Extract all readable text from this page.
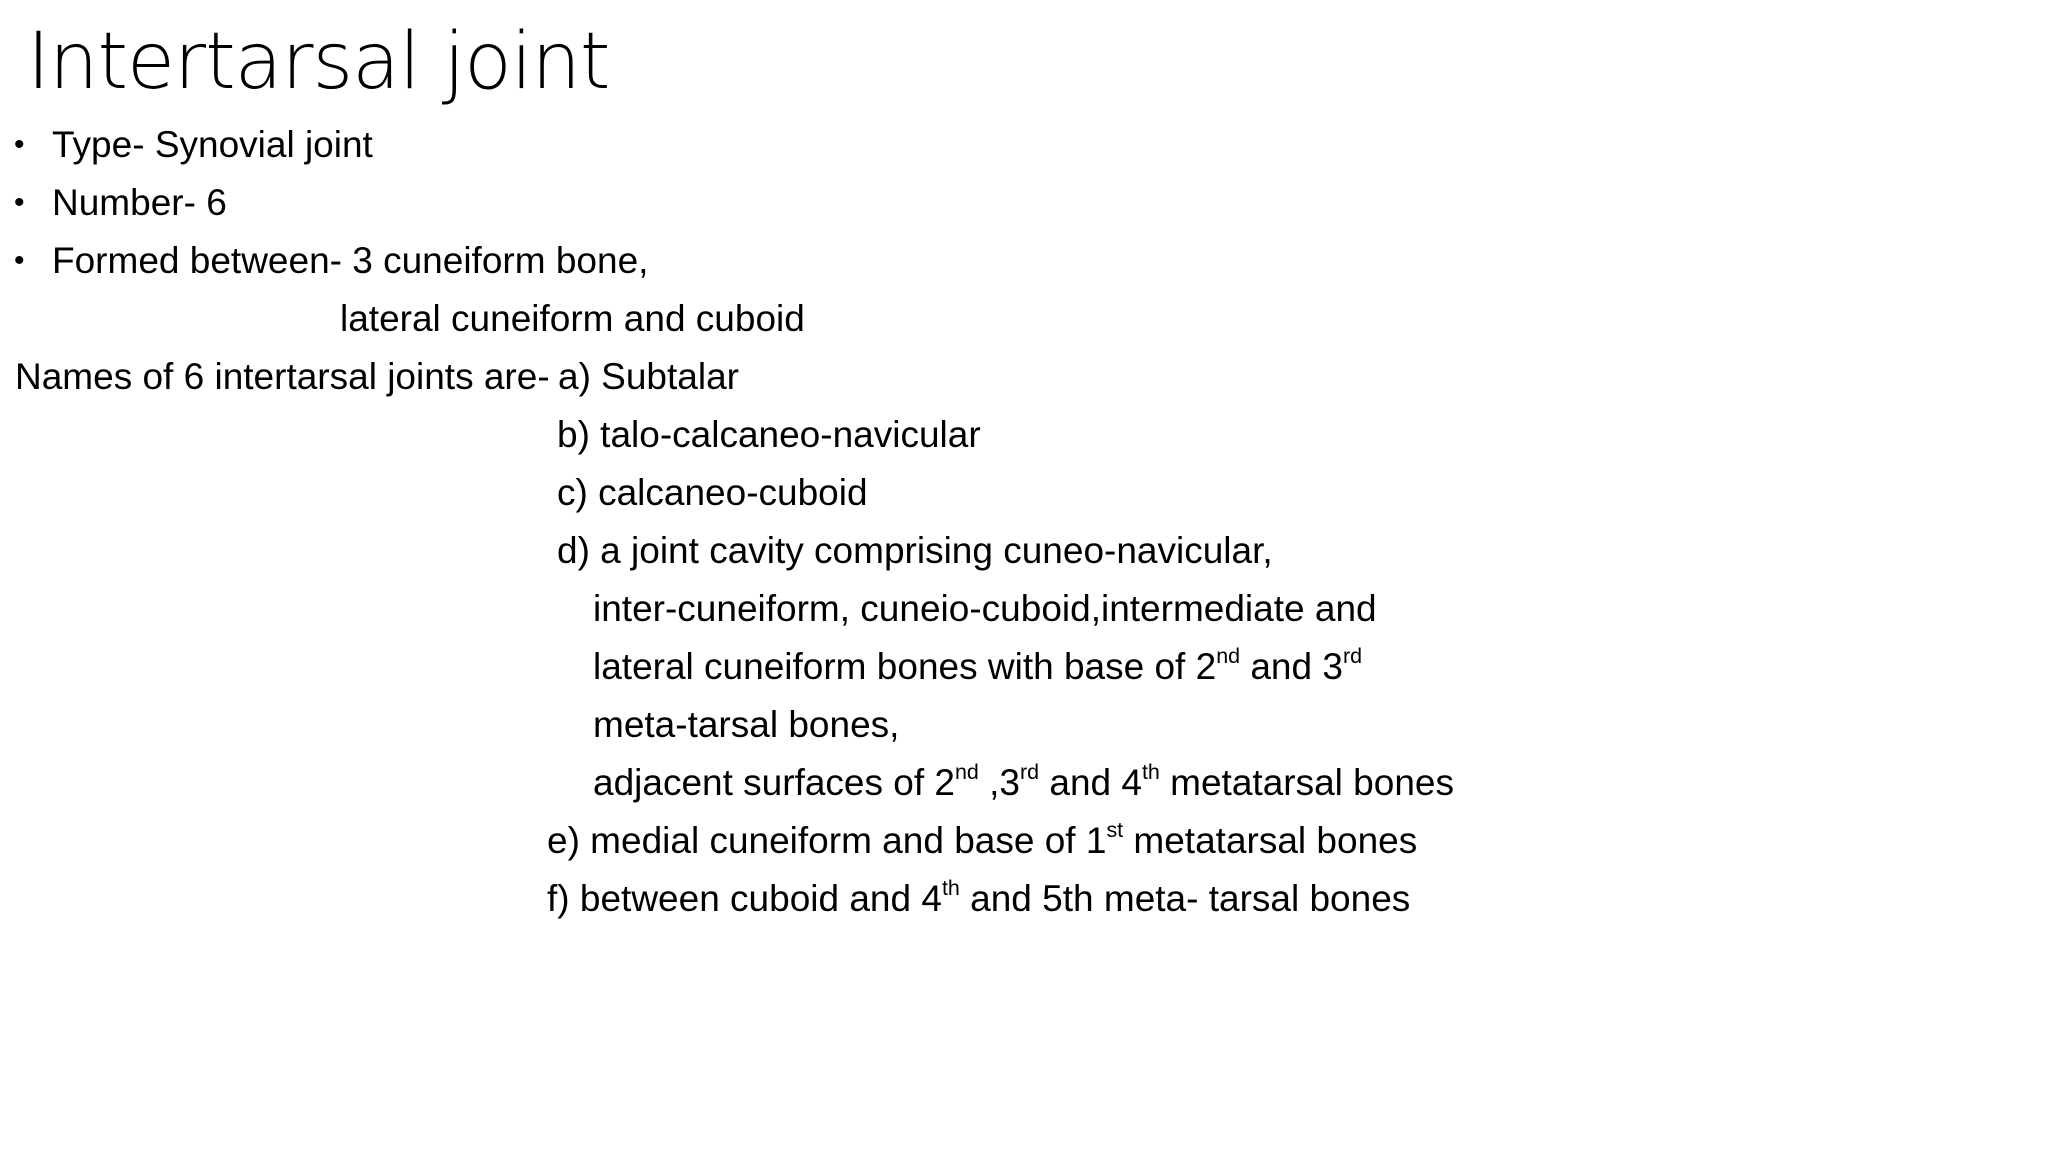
Intertarsal joint
• Type- Synovial joint
• Number- 6
• Formed between- 3 cuneiform bone,
lateral cuneiform and cuboid
Names of 6 intertarsal joints are- a) Subtalar
b) talo-calcaneo-navicular
c) calcaneo-cuboid
d) a joint cavity comprising cuneo-navicular,
inter-cuneiform, cuneio-cuboid,intermediate and
lateral cuneiform bones with base of 2nd and 3rd
meta-tarsal bones,
adjacent surfaces of 2nd ,3rd and 4th metatarsal bones
e) medial cuneiform and base of 1st metatarsal bones
f) between cuboid and 4th and 5th meta- tarsal bones
